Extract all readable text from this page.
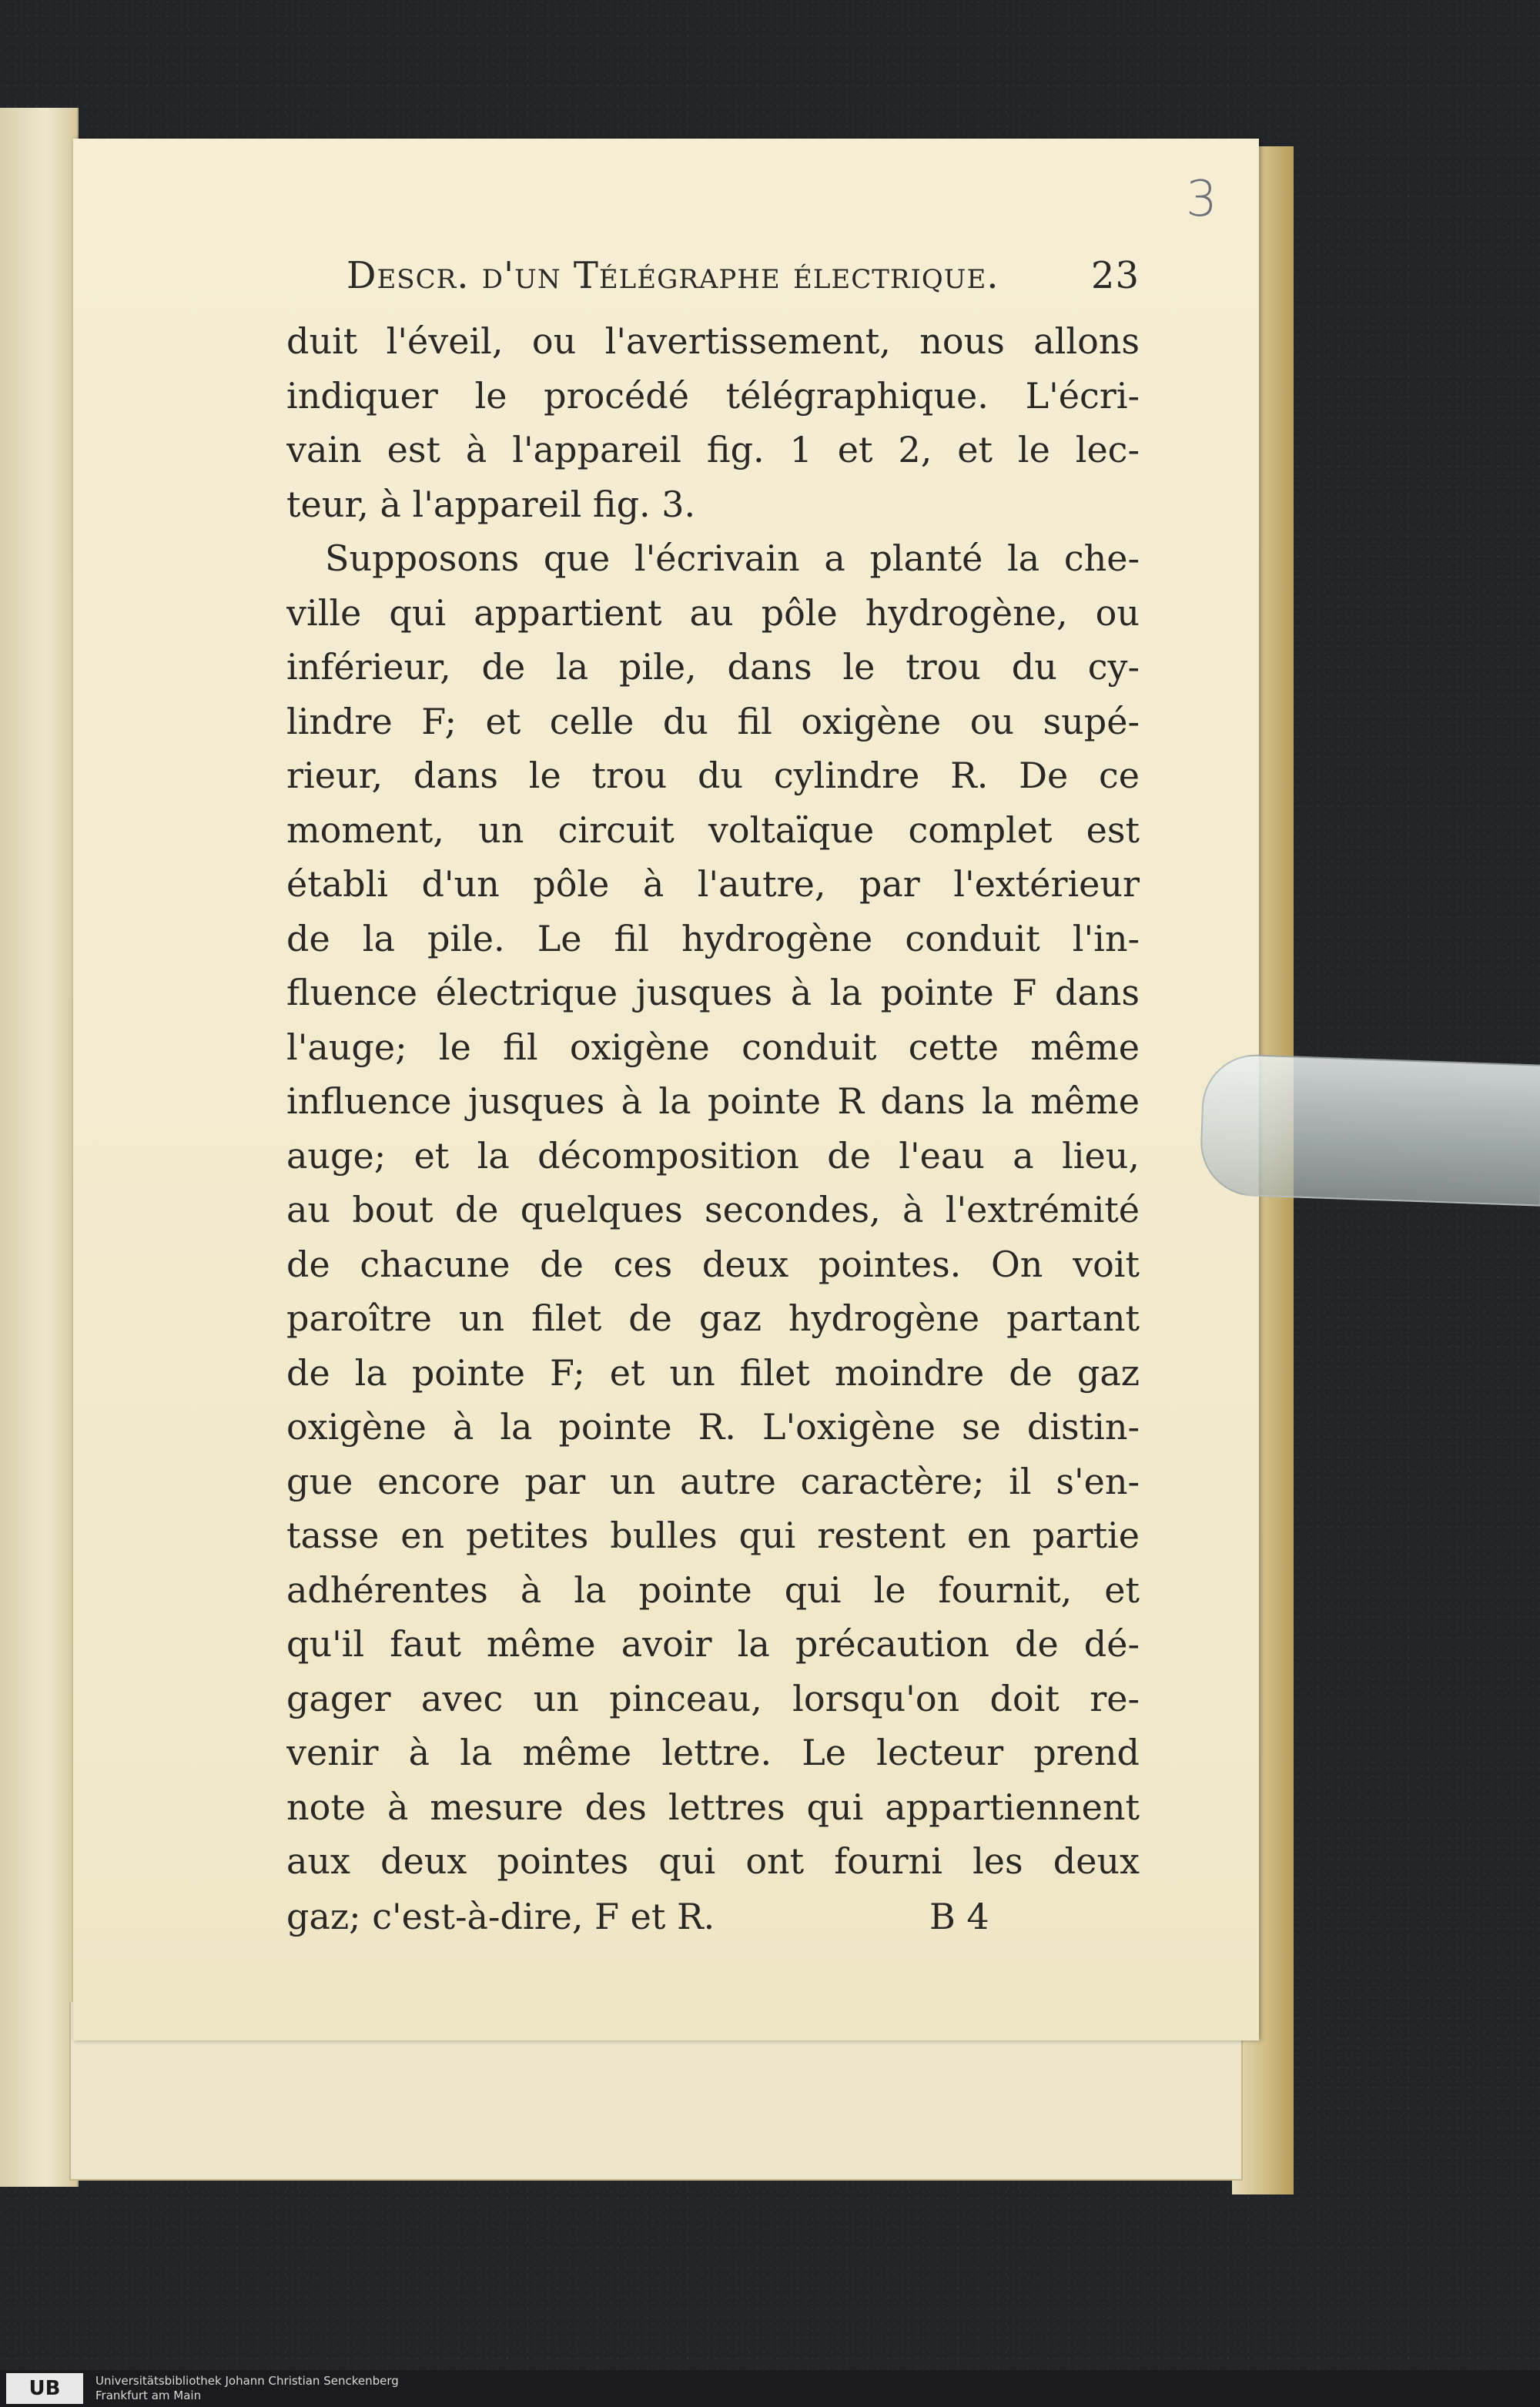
3
Descr. d'un Télégraphe électrique. 23
duit l'éveil, ou l'avertissement, nous allons
indiquer le procédé télégraphique. L'écri-
vain est à l'appareil fig. 1 et 2, et le lec-
teur, à l'appareil fig. 3.
Supposons que l'écrivain a planté la che-
ville qui appartient au pôle hydrogène, ou
inférieur, de la pile, dans le trou du cy-
lindre F; et celle du fil oxigène ou supé-
rieur, dans le trou du cylindre R. De ce
moment, un circuit voltaïque complet est
établi d'un pôle à l'autre, par l'extérieur
de la pile. Le fil hydrogène conduit l'in-
fluence électrique jusques à la pointe F dans
l'auge; le fil oxigène conduit cette même
influence jusques à la pointe R dans la même
auge; et la décomposition de l'eau a lieu,
au bout de quelques secondes, à l'extrémité
de chacune de ces deux pointes. On voit
paroître un filet de gaz hydrogène partant
de la pointe F; et un filet moindre de gaz
oxigène à la pointe R. L'oxigène se distin-
gue encore par un autre caractère; il s'en-
tasse en petites bulles qui restent en partie
adhérentes à la pointe qui le fournit, et
qu'il faut même avoir la précaution de dé-
gager avec un pinceau, lorsqu'on doit re-
venir à la même lettre. Le lecteur prend
note à mesure des lettres qui appartiennent
aux deux pointes qui ont fourni les deux
gaz; c'est-à-dire, F et R.	B 4
UB	Universitätsbibliothek Johann Christian Senckenberg
Frankfurt am Main
